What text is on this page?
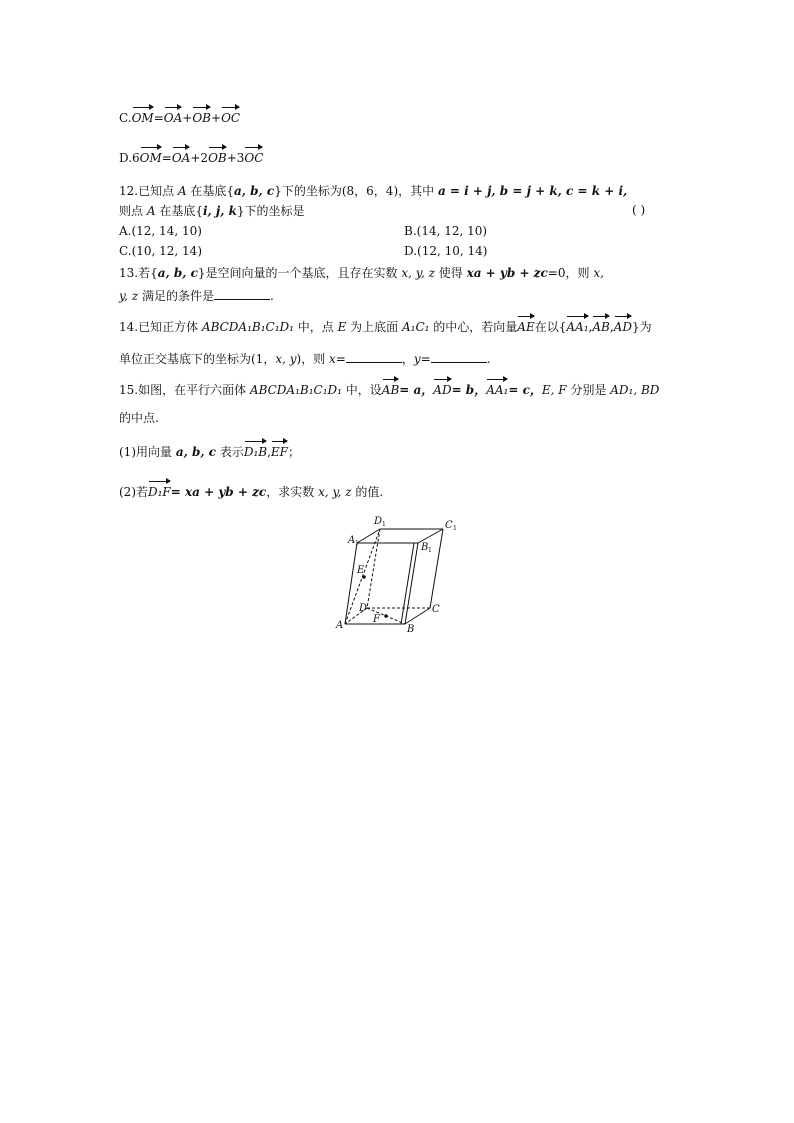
C.OM=OA+OB+OC
D.6OM=OA+2OB+3OC
12.已知点 A 在基底{a, b, c}下的坐标为(8，6，4)，其中 a = i + j, b = j + k, c = k + i,
则点 A 在基底{i, j, k}下的坐标是	( )
A.(12, 14, 10)	B.(14, 12, 10)
C.(10, 12, 14)	D.(12, 10, 14)
13.若{a, b, c}是空间向量的一个基底，且存在实数 x, y, z 使得 xa + yb + zc=0，则 x,
y, z 满足的条件是	.
14.已知正方体 ABCDA₁B₁C₁D₁ 中，点 E 为上底面 A₁C₁ 的中心，若向量AE在以{AA₁,AB,AD}为
单位正交基底下的坐标为(1，x, y)，则 x=	，y=	.
15.如图，在平行六面体 ABCDA₁B₁C₁D₁ 中，设AB= a，AD= b，AA₁= c，E, F 分别是 AD₁, BD
的中点.
(1)用向量 a, b, c 表示D₁B,EF；
(2)若D₁F= xa + yb + zc，求实数 x, y, z 的值.
D 1	C 1
A 1	B 1
E
D	C
A	B
F
